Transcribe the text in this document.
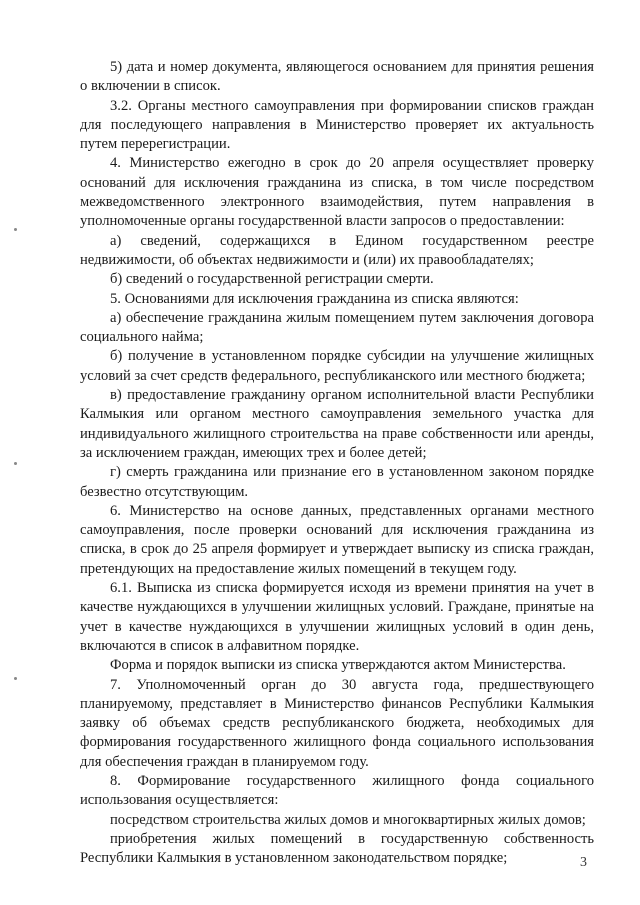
5) дата и номер документа, являющегося основанием для принятия решения о включении в список.

3.2. Органы местного самоуправления при формировании списков граждан для последующего направления в Министерство проверяет их актуальность путем перерегистрации.

4. Министерство ежегодно в срок до 20 апреля осуществляет проверку оснований для исключения гражданина из списка, в том числе посредством межведомственного электронного взаимодействия, путем направления в уполномоченные органы государственной власти запросов о предоставлении:

а) сведений, содержащихся в Едином государственном реестре недвижимости, об объектах недвижимости и (или) их правообладателях;

б) сведений о государственной регистрации смерти.

5. Основаниями для исключения гражданина из списка являются:

а) обеспечение гражданина жилым помещением путем заключения договора социального найма;

б) получение в установленном порядке субсидии на улучшение жилищных условий за счет средств федерального, республиканского или местного бюджета;

в) предоставление гражданину органом исполнительной власти Республики Калмыкия или органом местного самоуправления земельного участка для индивидуального жилищного строительства на праве собственности или аренды, за исключением граждан, имеющих трех и более детей;

г) смерть гражданина или признание его в установленном законом порядке безвестно отсутствующим.

6. Министерство на основе данных, представленных органами местного самоуправления, после проверки оснований для исключения гражданина из списка, в срок до 25 апреля формирует и утверждает выписку из списка граждан, претендующих на предоставление жилых помещений в текущем году.

6.1. Выписка из списка формируется исходя из времени принятия на учет в качестве нуждающихся в улучшении жилищных условий. Граждане, принятые на учет в качестве нуждающихся в улучшении жилищных условий в один день, включаются в список в алфавитном порядке.

Форма и порядок выписки из списка утверждаются актом Министерства.

7. Уполномоченный орган до 30 августа года, предшествующего планируемому, представляет в Министерство финансов Республики Калмыкия заявку об объемах средств республиканского бюджета, необходимых для формирования государственного жилищного фонда социального использования для обеспечения граждан в планируемом году.

8. Формирование государственного жилищного фонда социального использования осуществляется:

посредством строительства жилых домов и многоквартирных жилых домов;

приобретения жилых помещений в государственную собственность Республики Калмыкия в установленном законодательством порядке;	3
